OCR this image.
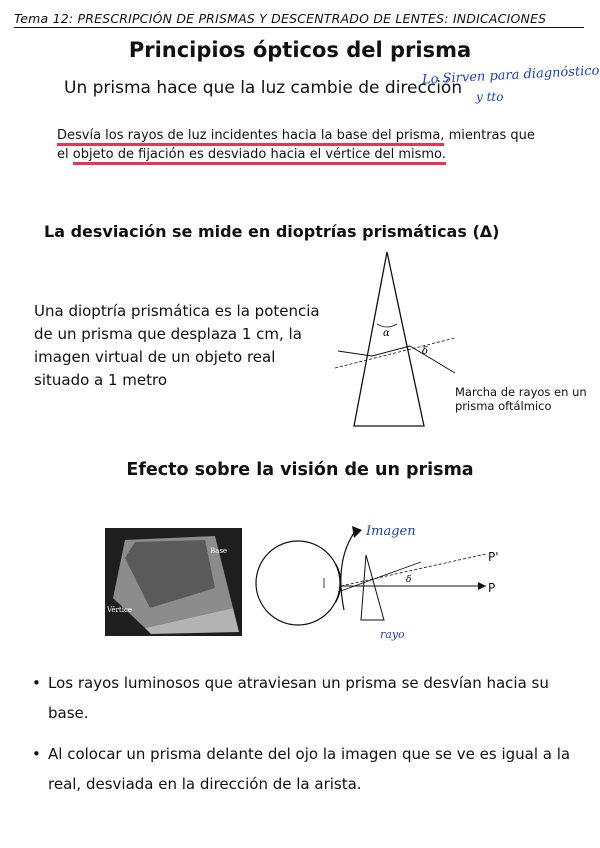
Tema 12: PRESCRIPCIÓN DE PRISMAS Y DESCENTRADO DE LENTES: INDICACIONES
Principios ópticos del prisma
Un prisma hace que la luz cambie de dirección
Lo Sirven para diagnóstico
y tto
Desvía los rayos de luz incidentes hacia la base del prisma, mientras que
el objeto de fijación es desviado hacia el vértice del mismo.
La desviación se mide en dioptrías prismáticas (Δ)
Una dioptría prismática es la potencia de un prisma que desplaza 1 cm, la imagen virtual de un objeto real situado a 1 metro
α
δ
Marcha de rayos en un prisma oftálmico
Efecto sobre la visión de un prisma
Base
Vértice
δ
Imagen
rayo
P'
P
• Los rayos luminosos que atraviesan un prisma se desvían hacia su base.
• Al colocar un prisma delante del ojo la imagen que se ve es igual a la real, desviada en la dirección de la arista.
